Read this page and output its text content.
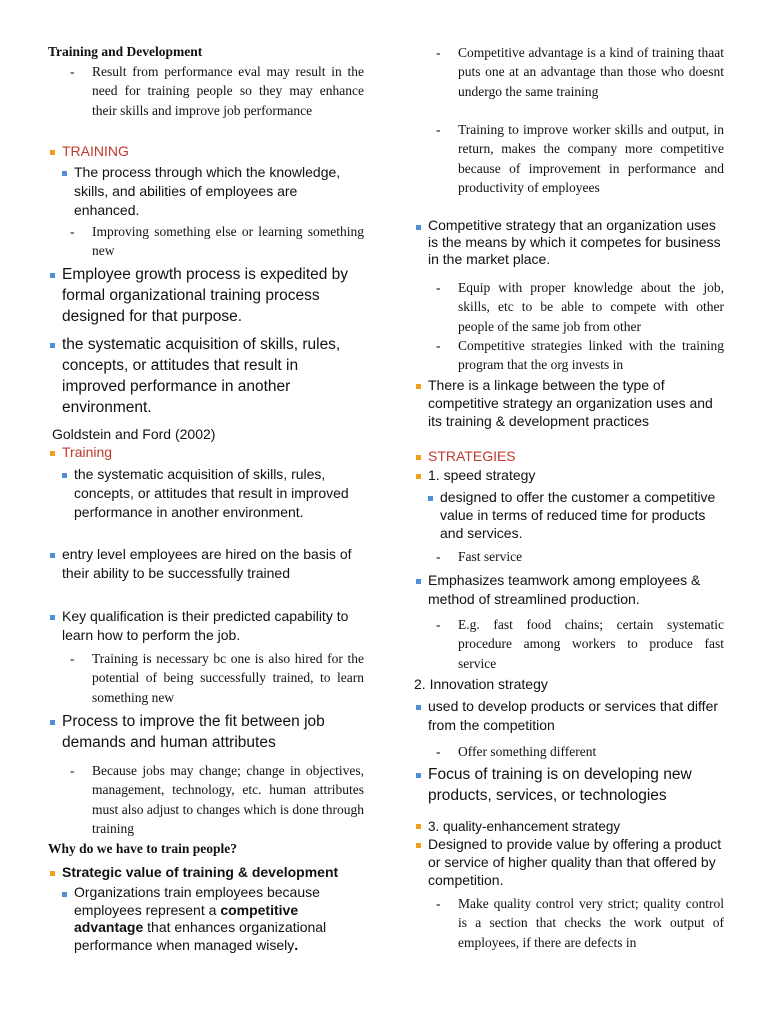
Training and Development
- Result from performance eval may result in the need for training people so they may enhance their skills and improve job performance
TRAINING
The process through which the knowledge, skills, and abilities of employees are enhanced.
- Improving something else or learning something new
Employee growth process is expedited by formal organizational training process designed for that purpose.
the systematic acquisition of skills, rules, concepts, or attitudes that result in improved performance in another environment.
Goldstein and Ford (2002)
Training
the systematic acquisition of skills, rules, concepts, or attitudes that result in improved performance in another environment.
entry level employees are hired on the basis of their ability to be successfully trained
Key qualification is their predicted capability to learn how to perform the job.
- Training is necessary bc one is also hired for the potential of being successfully trained, to learn something new
Process to improve the fit between job demands and human attributes
- Because jobs may change; change in objectives, management, technology, etc. human attributes must also adjust to changes which is done through training
Why do we have to train people?
Strategic value of training & development
Organizations train employees because employees represent a competitive advantage that enhances organizational performance when managed wisely.
- Competitive advantage is a kind of training thaat puts one at an advantage than those who doesnt undergo the same training
- Training to improve worker skills and output, in return, makes the company more competitive because of improvement in performance and productivity of employees
Competitive strategy that an organization uses is the means by which it competes for business in the market place.
- Equip with proper knowledge about the job, skills, etc to be able to compete with other people of the same job from other
- Competitive strategies linked with the training program that the org invests in
There is a linkage between the type of competitive strategy an organization uses and its training & development practices
STRATEGIES
1. speed strategy
designed to offer the customer a competitive value in terms of reduced time for products and services.
- Fast service
Emphasizes teamwork among employees & method of streamlined production.
- E.g. fast food chains; certain systematic procedure among workers to produce fast service
2. Innovation strategy
used to develop products or services that differ from the competition
- Offer something different
Focus of training is on developing new products, services, or technologies
3. quality-enhancement strategy
Designed to provide value by offering a product or service of higher quality than that offered by competition.
- Make quality control very strict; quality control is a section that checks the work output of employees, if there are defects in
